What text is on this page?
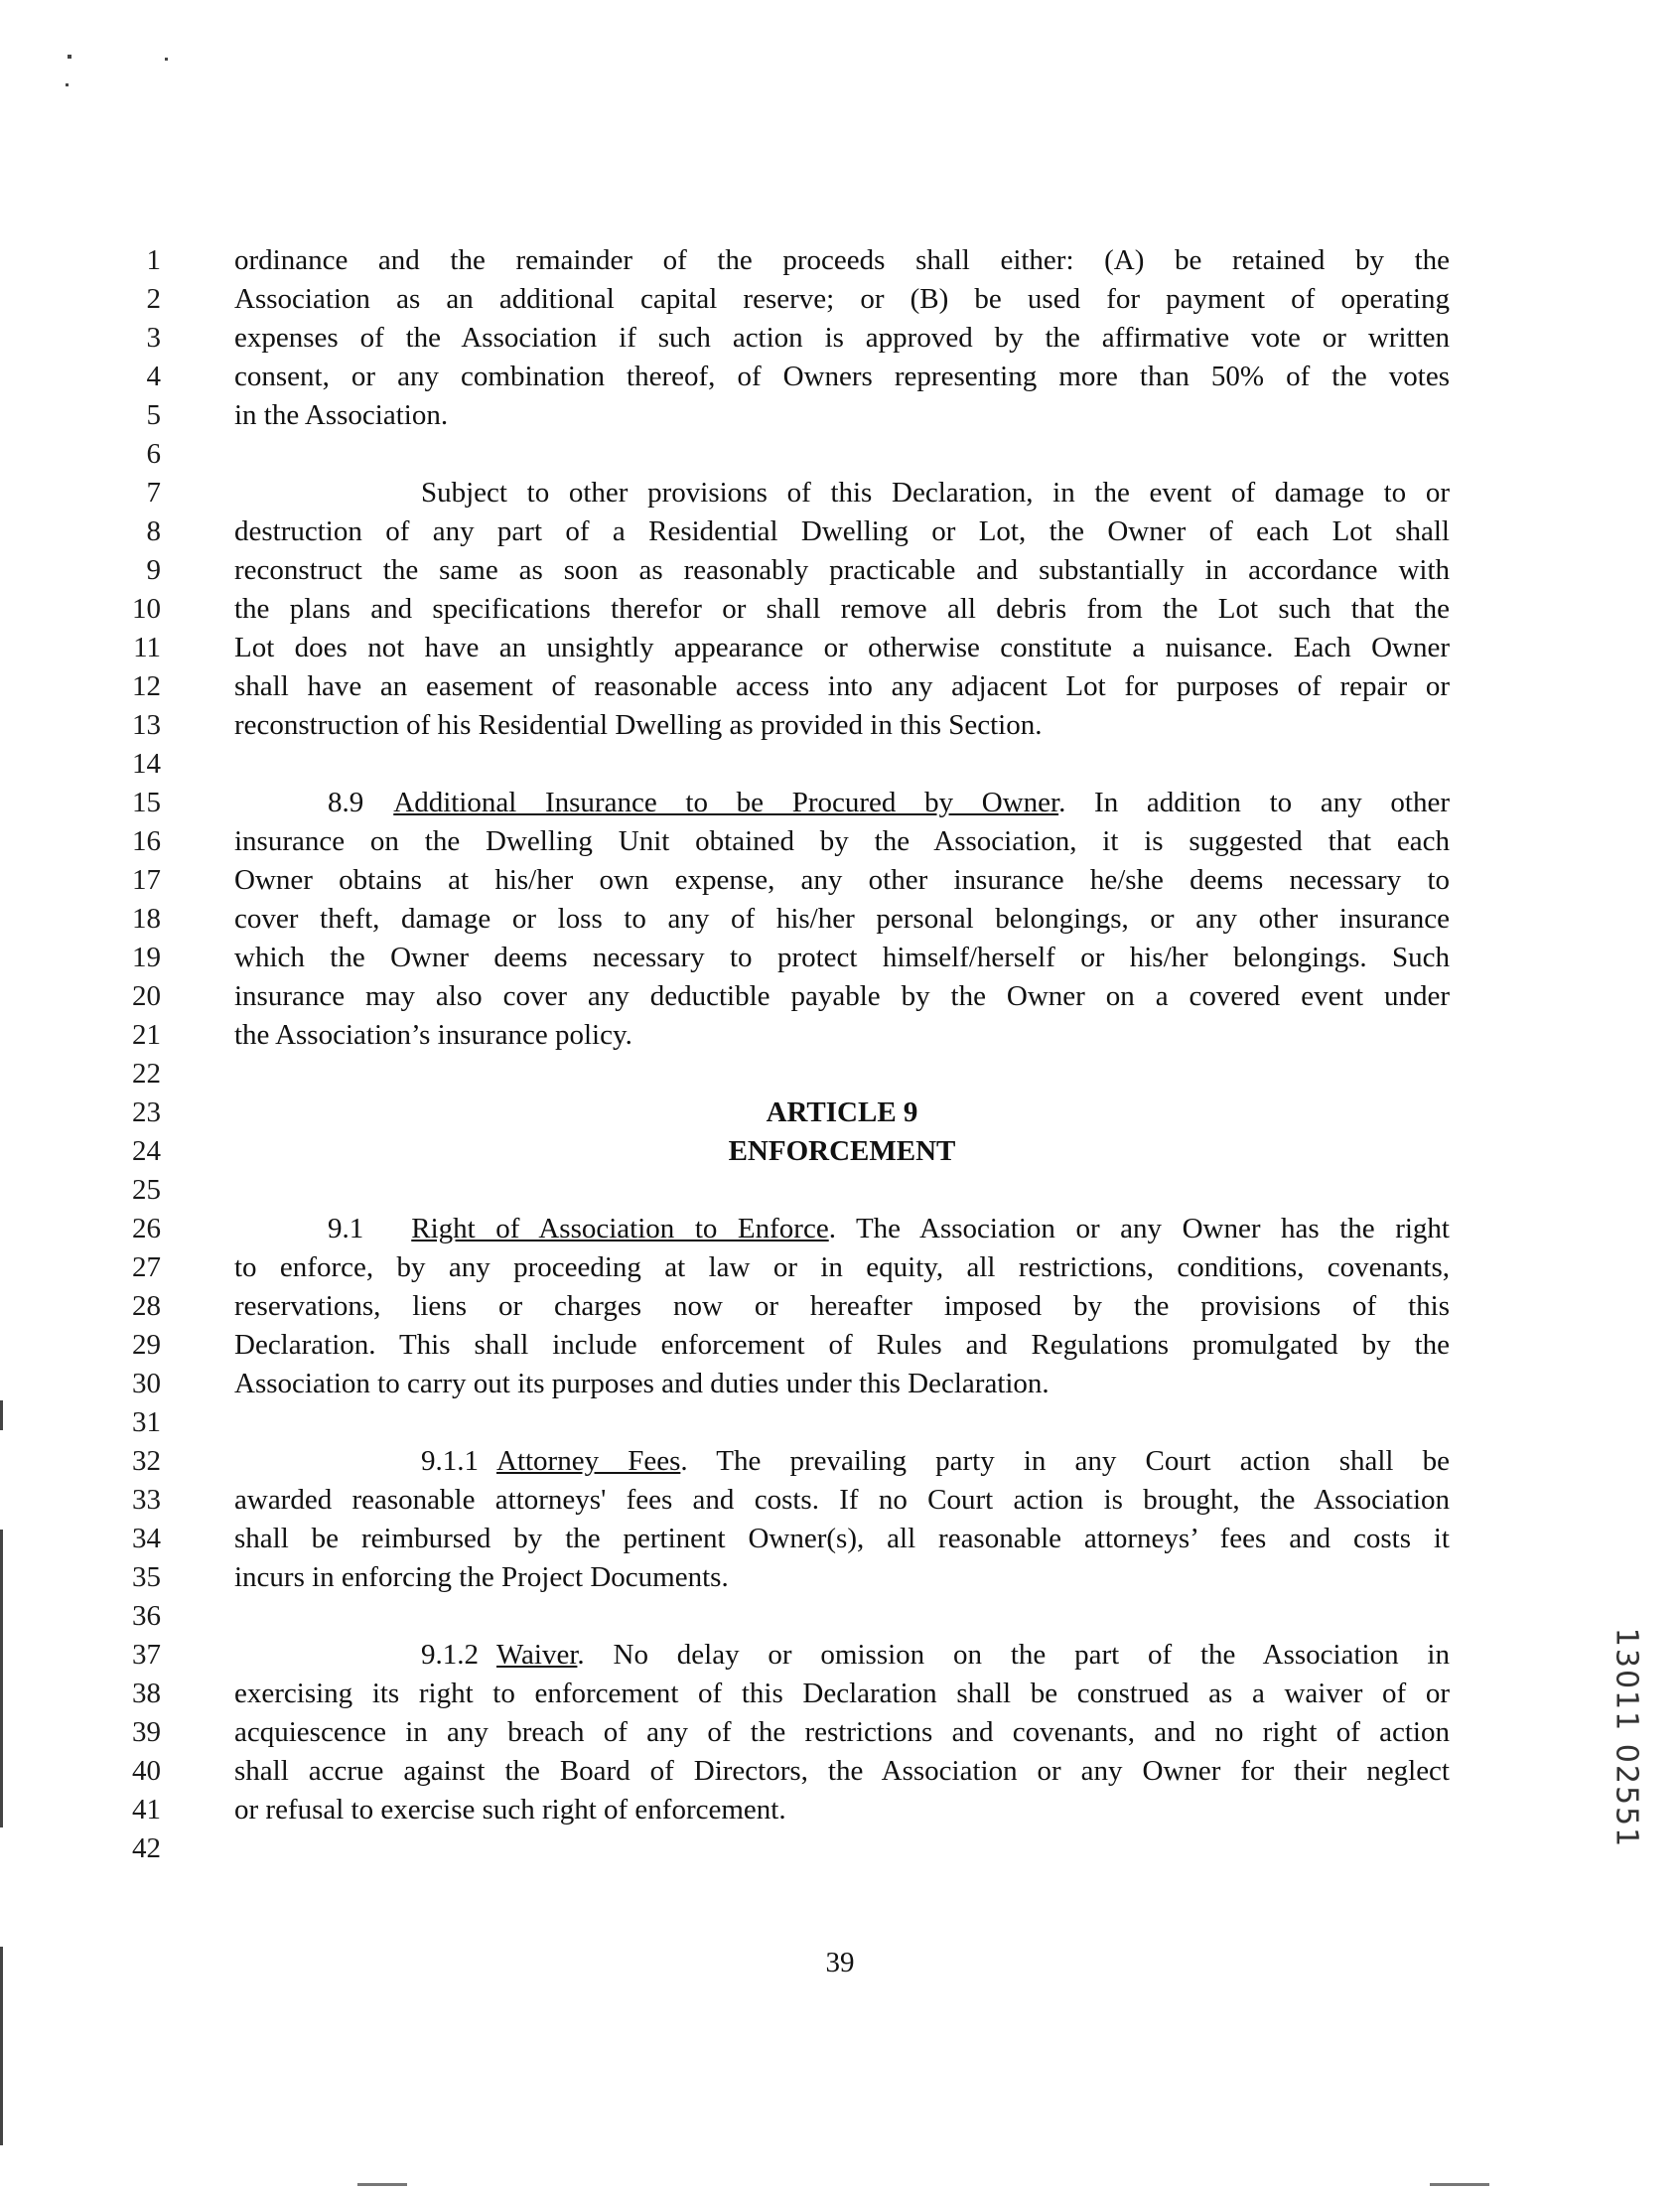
1
2
3
4
5
6
7
8
9
10
11
12
13
14
15
16
17
18
19
20
21
22
23
24
25
26
27
28
29
30
31
32
33
34
35
36
37
38
39
40
41
42
ordinance and the remainder of the proceeds shall either: (A) be retained by the
Association as an additional capital reserve; or (B) be used for payment of operating
expenses of the Association if such action is approved by the affirmative vote or written
consent, or any combination thereof, of Owners representing more than 50% of the votes
in the Association.
Subject to other provisions of this Declaration, in the event of damage to or
destruction of any part of a Residential Dwelling or Lot, the Owner of each Lot shall
reconstruct the same as soon as reasonably practicable and substantially in accordance with
the plans and specifications therefor or shall remove all debris from the Lot such that the
Lot does not have an unsightly appearance or otherwise constitute a nuisance. Each Owner
shall have an easement of reasonable access into any adjacent Lot for purposes of repair or
reconstruction of his Residential Dwelling as provided in this Section.
8.9 Additional Insurance to be Procured by Owner. In addition to any other
insurance on the Dwelling Unit obtained by the Association, it is suggested that each
Owner obtains at his/her own expense, any other insurance he/she deems necessary to
cover theft, damage or loss to any of his/her personal belongings, or any other insurance
which the Owner deems necessary to protect himself/herself or his/her belongings. Such
insurance may also cover any deductible payable by the Owner on a covered event under
the Association’s insurance policy.
ARTICLE 9
ENFORCEMENT
9.1 Right of Association to Enforce. The Association or any Owner has the right
to enforce, by any proceeding at law or in equity, all restrictions, conditions, covenants,
reservations, liens or charges now or hereafter imposed by the provisions of this
Declaration. This shall include enforcement of Rules and Regulations promulgated by the
Association to carry out its purposes and duties under this Declaration.
9.1.1 Attorney Fees. The prevailing party in any Court action shall be
awarded reasonable attorneys' fees and costs. If no Court action is brought, the Association
shall be reimbursed by the pertinent Owner(s), all reasonable attorneys’ fees and costs it
incurs in enforcing the Project Documents.
9.1.2 Waiver. No delay or omission on the part of the Association in
exercising its right to enforcement of this Declaration shall be construed as a waiver of or
acquiescence in any breach of any of the restrictions and covenants, and no right of action
shall accrue against the Board of Directors, the Association or any Owner for their neglect
or refusal to exercise such right of enforcement.
39
13011 02551
